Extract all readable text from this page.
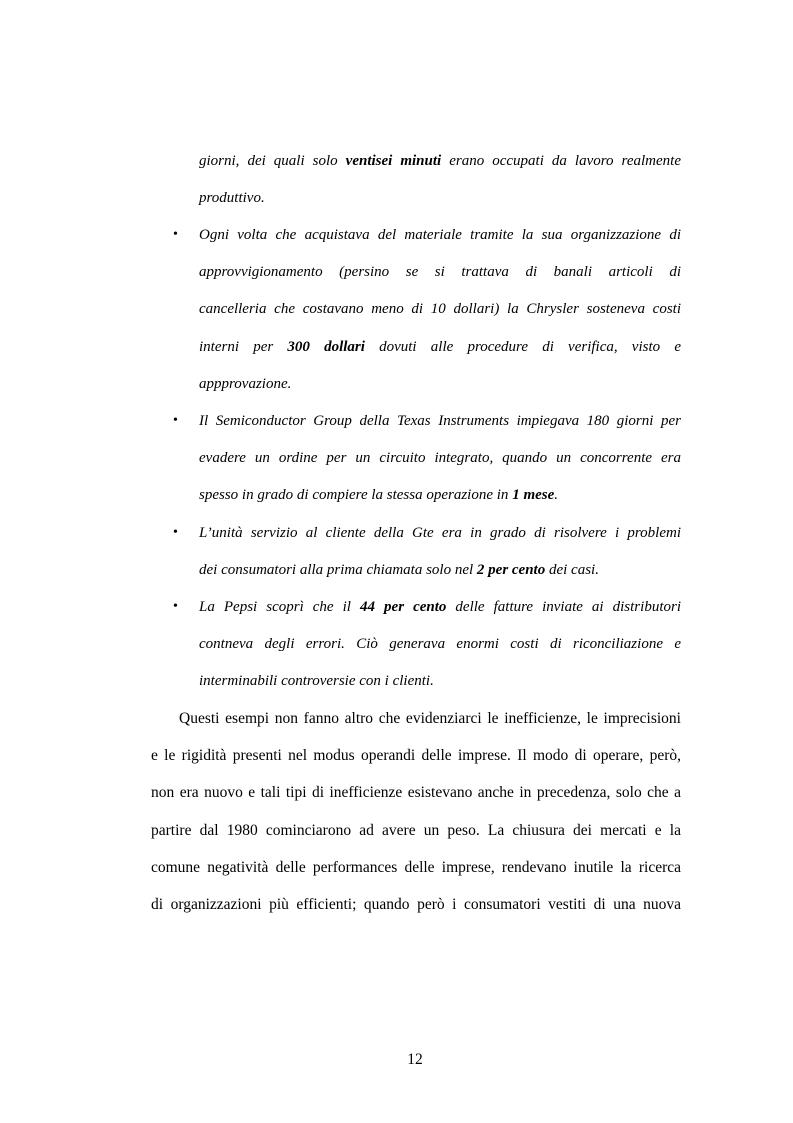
giorni, dei quali solo ventisei minuti erano occupati da lavoro realmente
produttivo.
• Ogni volta che acquistava del materiale tramite la sua organizzazione di
approvvigionamento (persino se si trattava di banali articoli di
cancelleria che costavano meno di 10 dollari) la Chrysler sosteneva costi
interni per 300 dollari dovuti alle procedure di verifica, visto e
appprovazione.
• Il Semiconductor Group della Texas Instruments impiegava 180 giorni per
evadere un ordine per un circuito integrato, quando un concorrente era
spesso in grado di compiere la stessa operazione in 1 mese.
• L’unità servizio al cliente della Gte era in grado di risolvere i problemi
dei consumatori alla prima chiamata solo nel 2 per cento dei casi.
• La Pepsi scoprì che il 44 per cento delle fatture inviate ai distributori
contneva degli errori. Ciò generava enormi costi di riconciliazione e
interminabili controversie con i clienti.
Questi esempi non fanno altro che evidenziarci le inefficienze, le imprecisioni
e le rigidità presenti nel modus operandi delle imprese. Il modo di operare, però,
non era nuovo e tali tipi di inefficienze esistevano anche in precedenza, solo che a
partire dal 1980 cominciarono ad avere un peso. La chiusura dei mercati e la
comune negatività delle performances delle imprese, rendevano inutile la ricerca
di organizzazioni più efficienti; quando però i consumatori vestiti di una nuova
12
